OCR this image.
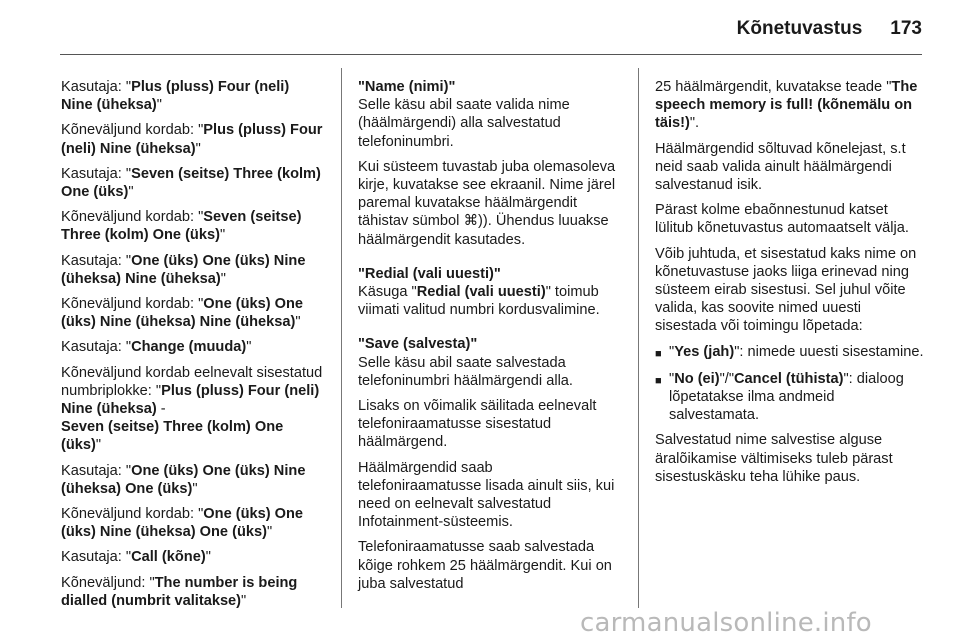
Kõnetuvastus 173

Kasutaja: "Plus (pluss) Four (neli) Nine (üheksa)"

Kõneväljund kordab: "Plus (pluss) Four (neli) Nine (üheksa)"

Kasutaja: "Seven (seitse) Three (kolm) One (üks)"

Kõneväljund kordab: "Seven (seitse) Three (kolm) One (üks)"

Kasutaja: "One (üks) One (üks) Nine (üheksa) Nine (üheksa)"

Kõneväljund kordab: "One (üks) One (üks) Nine (üheksa) Nine (üheksa)"

Kasutaja: "Change (muuda)"

Kõneväljund kordab eelnevalt sisestatud numbriplokke: "Plus (pluss) Four (neli) Nine (üheksa) -

Seven (seitse) Three (kolm) One (üks)"

Kasutaja: "One (üks) One (üks) Nine (üheksa) One (üks)"

Kõneväljund kordab: "One (üks) One (üks) Nine (üheksa) One (üks)"

Kasutaja: "Call (kõne)"

Kõneväljund: "The number is being dialled (numbrit valitakse)"

"Name (nimi)"
Selle käsu abil saate valida nime (häälmärgendi) alla salvestatud telefoninumbri.

Kui süsteem tuvastab juba olemasoleva kirje, kuvatakse see ekraanil. Nime järel paremal kuvatakse häälmärgendit tähistav sümbol ⌘)). Ühendus luuakse häälmärgendit kasutades.

"Redial (vali uuesti)"
Käsuga "Redial (vali uuesti)" toimub viimati valitud numbri kordusvalimine.

"Save (salvesta)"
Selle käsu abil saate salvestada telefoninumbri häälmärgendi alla.

Lisaks on võimalik säilitada eelnevalt telefoniraamatusse sisestatud häälmärgend.

Häälmärgendid saab telefoniraamatusse lisada ainult siis, kui need on eelnevalt salvestatud Infotainment-süsteemis.

Telefoniraamatusse saab salvestada kõige rohkem 25 häälmärgendit. Kui on juba salvestatud

25 häälmärgendit, kuvatakse teade "The speech memory is full! (kõnemälu on täis!)".

Häälmärgendid sõltuvad kõnelejast, s.t neid saab valida ainult häälmärgendi salvestanud isik.

Pärast kolme ebaõnnestunud katset lülitub kõnetuvastus automaatselt välja.

Võib juhtuda, et sisestatud kaks nime on kõnetuvastuse jaoks liiga erinevad ning süsteem eirab sisestusi. Sel juhul võite valida, kas soovite nimed uuesti sisestada või toimingu lõpetada:

■ "Yes (jah)": nimede uuesti sisestamine.
■ "No (ei)"/"Cancel (tühista)": dialoog lõpetatakse ilma andmeid salvestamata.

Salvestatud nime salvestise alguse äralõikamise vältimiseks tuleb pärast sisestuskäsku teha lühike paus.

carmanualsonline.info
